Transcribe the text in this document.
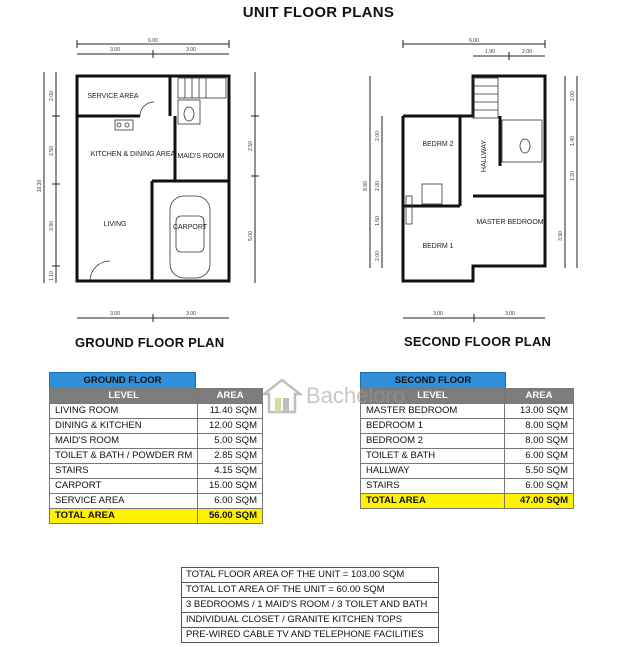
UNIT FLOOR PLANS
6.00
3.00	3.00
3.00	3.00
10.30
2.00
2.50
3.90
1.10
2.50
5.00
SERVICE AREA
KITCHEN & DINING AREA MAID'S ROOM
LIVING	CARPORT
GROUND FLOOR PLAN
6.00
1.90	2.00
3.00	3.00
8.90
2.00
2.00
1.50
2.00
2.00
1.40
1.20
3.90
BEDRM 2	HALLWAY
MASTER BEDROOM
BEDRM 1
SECOND FLOOR PLAN
GROUND FLOOR
LEVEL	AREA
LIVING ROOM	11.40 SQM
DINING & KITCHEN	12.00 SQM
MAID'S ROOM	5.00 SQM
TOILET & BATH / POWDER RM	2.85 SQM
STAIRS	4.15 SQM
CARPORT	15.00 SQM
SERVICE AREA	6.00 SQM
TOTAL AREA	56.00 SQM
SECOND FLOOR
LEVEL	AREA
MASTER BEDROOM	13.00 SQM
BEDROOM 1	8.00 SQM
BEDROOM 2	8.00 SQM
TOILET & BATH	6.00 SQM
HALLWAY	5.50 SQM
STAIRS	6.00 SQM
TOTAL AREA	47.00 SQM
Bacheloro
TOTAL FLOOR AREA OF THE UNIT = 103.00 SQM
TOTAL LOT AREA OF THE UNIT = 60.00 SQM
3 BEDROOMS / 1 MAID'S ROOM / 3 TOILET AND BATH
INDIVIDUAL CLOSET / GRANITE KITCHEN TOPS
PRE-WIRED CABLE TV AND TELEPHONE FACILITIES
